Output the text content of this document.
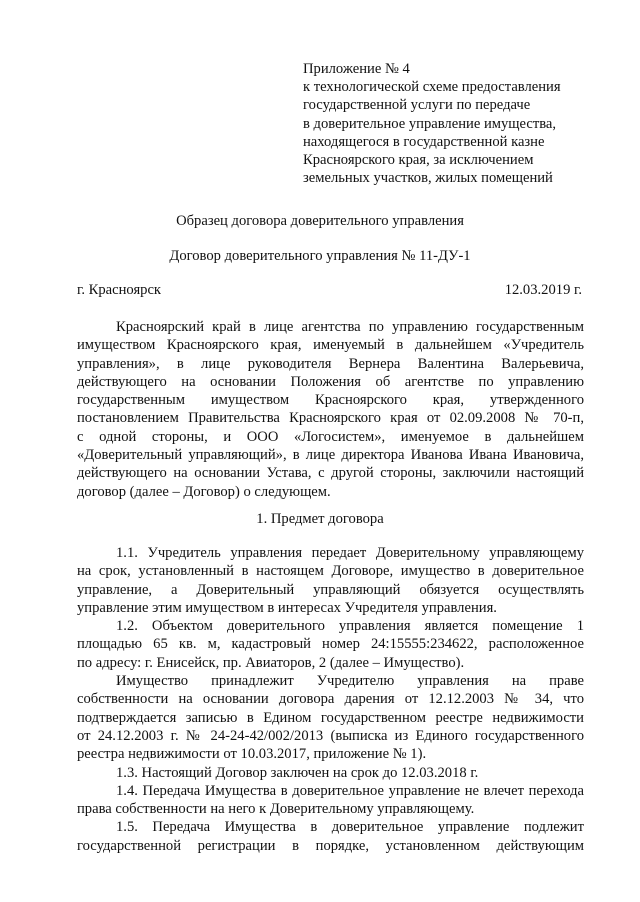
Приложение № 4
к технологической схеме предоставления
государственной услуги по передаче
в доверительное управление имущества,
находящегося в государственной казне
Красноярского края, за исключением
земельных участков, жилых помещений
Образец договора доверительного управления
Договор доверительного управления № 11-ДУ-1
г. Красноярск	12.03.2019 г.
Красноярский край в лице агентства по управлению государственным
имуществом Красноярского края, именуемый в дальнейшем «Учредитель
управления», в лице руководителя Вернера Валентина Валерьевича,
действующего на основании Положения об агентстве по управлению
государственным имуществом Красноярского края, утвержденного
постановлением Правительства Красноярского края от 02.09.2008 № 70-п,
с одной стороны, и ООО «Логосистем», именуемое в дальнейшем
«Доверительный управляющий», в лице директора Иванова Ивана Ивановича,
действующего на основании Устава, с другой стороны, заключили настоящий
договор (далее – Договор) о следующем.
1. Предмет договора
1.1. Учредитель управления передает Доверительному управляющему
на срок, установленный в настоящем Договоре, имущество в доверительное
управление, а Доверительный управляющий обязуется осуществлять
управление этим имуществом в интересах Учредителя управления.
1.2. Объектом доверительного управления является помещение 1
площадью 65 кв. м, кадастровый номер 24:15555:234622, расположенное
по адресу: г. Енисейск, пр. Авиаторов, 2 (далее – Имущество).
Имущество принадлежит Учредителю управления на праве
собственности на основании договора дарения от 12.12.2003 № 34, что
подтверждается записью в Едином государственном реестре недвижимости
от 24.12.2003 г. № 24-24-42/002/2013 (выписка из Единого государственного
реестра недвижимости от 10.03.2017, приложение № 1).
1.3. Настоящий Договор заключен на срок до 12.03.2018 г.
1.4. Передача Имущества в доверительное управление не влечет перехода
права собственности на него к Доверительному управляющему.
1.5. Передача Имущества в доверительное управление подлежит
государственной регистрации в порядке, установленном действующим
